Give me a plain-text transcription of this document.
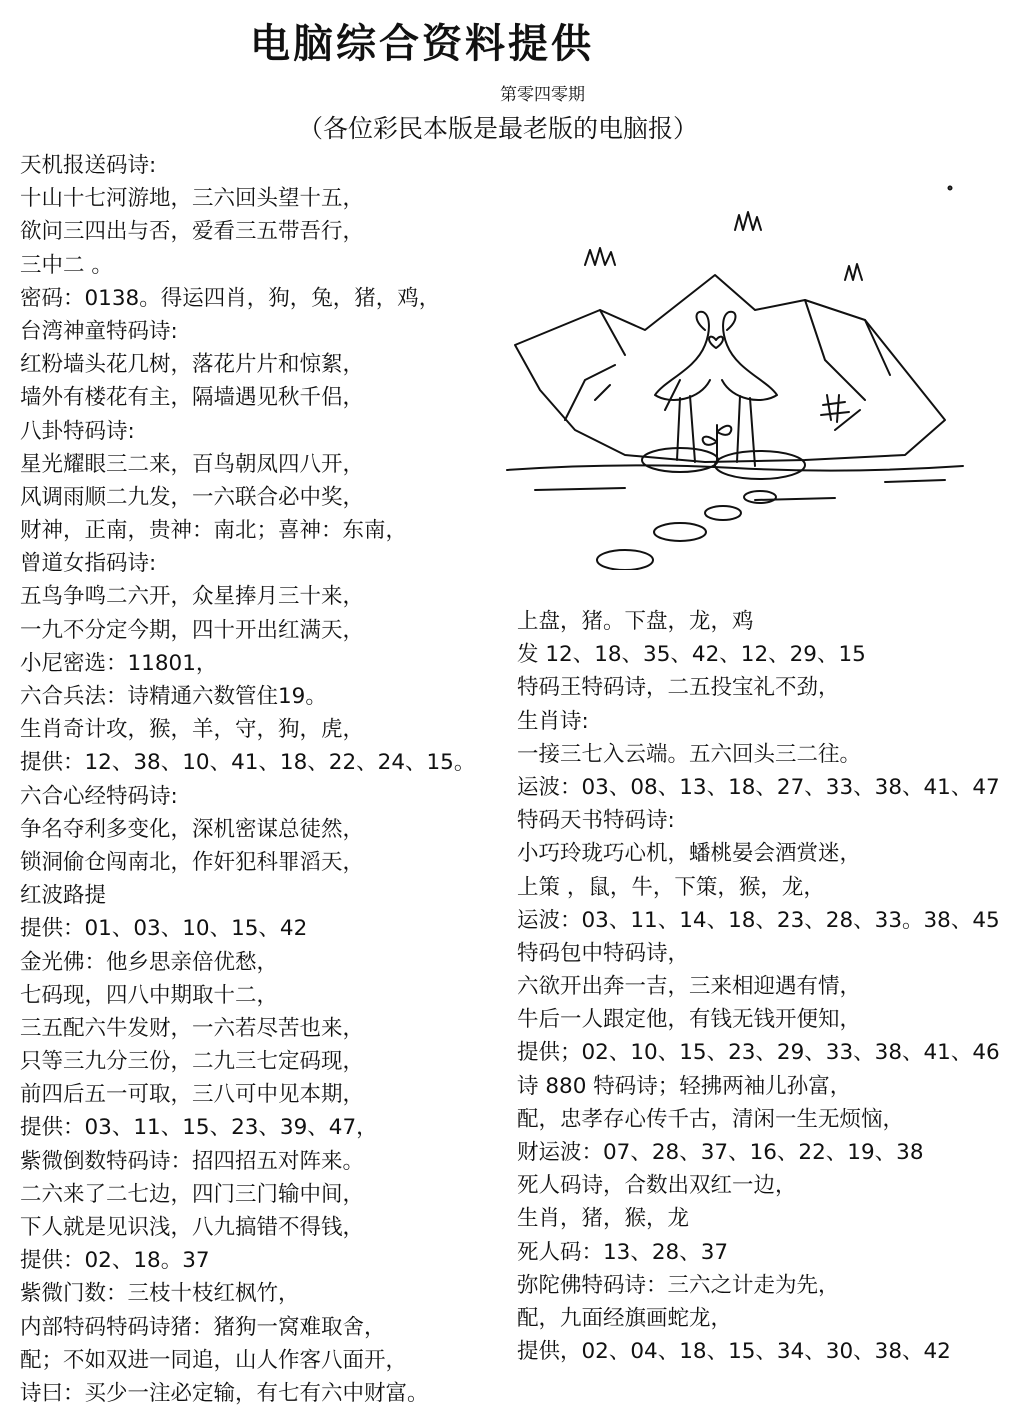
电脑综合资料提供
第零四零期
（各位彩民本版是最老版的电脑报）
天机报送码诗:
十山十七河游地，三六回头望十五，
欲问三四出与否，爱看三五带吾行，
三中二 。
密码：0138。得运四肖，狗，兔，猪，鸡，
台湾神童特码诗:
红粉墙头花几树，落花片片和惊絮，
墙外有楼花有主，隔墙遇见秋千侣，
八卦特码诗:
星光耀眼三二来，百鸟朝凤四八开，
风调雨顺二九发，一六联合必中奖，
财神，正南，贵神：南北；喜神：东南，
曾道女指码诗:
五鸟争鸣二六开，众星捧月三十来，
一九不分定今期，四十开出红满天，
小尼密选：11801，
六合兵法：诗精通六数管住19。
生肖奇计攻，猴，羊，守，狗，虎，
提供：12、38、10、41、18、22、24、15。
六合心经特码诗:
争名夺利多变化，深机密谋总徒然，
锁洞偷仓闯南北，作奸犯科罪滔天，
红波路提
提供：01、03、10、15、42
金光佛：他乡思亲倍优愁，
七码现，四八中期取十二，
三五配六牛发财，一六若尽苦也来，
只等三九分三份，二九三七定码现，
前四后五一可取，三八可中见本期，
提供：03、11、15、23、39、47，
紫微倒数特码诗：招四招五对阵来。
二六来了二七边，四门三门输中间，
下人就是见识浅，八九搞错不得钱，
提供：02、18。37
紫微门数：三枝十枝红枫竹，
内部特码特码诗猪：猪狗一窝难取舍，
配；不如双进一同追，山人作客八面开，
诗曰：买少一注必定输，有七有六中财富。
上盘，猪。下盘，龙，鸡
发 12、18、35、42、12、29、15
特码王特码诗，二五投宝礼不劲，
生肖诗:
一接三七入云端。五六回头三二往。
运波：03、08、13、18、27、33、38、41、47
特码天书特码诗:
小巧玲珑巧心机，蟠桃晏会酒赏迷，
上策 ，鼠，牛，下策，猴，龙，
运波：03、11、14、18、23、28、33。38、45
特码包中特码诗，
六欲开出奔一吉，三来相迎遇有情，
牛后一人跟定他，有钱无钱开便知，
提供；02、10、15、23、29、33、38、41、46
诗 880 特码诗；轻拂两袖儿孙富，
配，忠孝存心传千古，清闲一生无烦恼，
财运波：07、28、37、16、22、19、38
死人码诗，合数出双红一边，
生肖，猪，猴，龙
死人码：13、28、37
弥陀佛特码诗：三六之计走为先，
配，九面经旗画蛇龙，
提供，02、04、18、15、34、30、38、42
